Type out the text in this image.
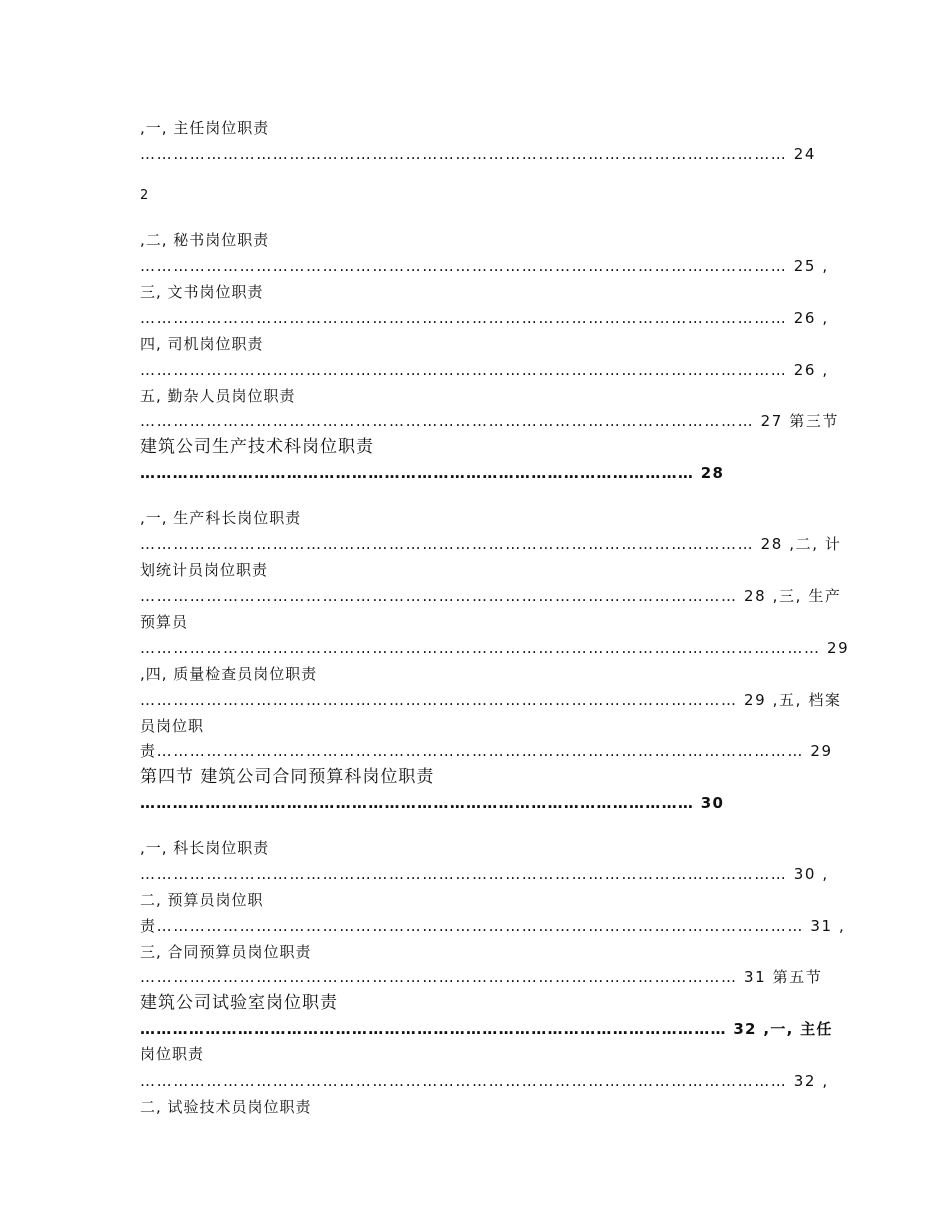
,一, 主任岗位职责
……………………………………………………………………………………………………… 24
2
,二, 秘书岗位职责
……………………………………………………………………………………………………… 25 ,
三, 文书岗位职责
……………………………………………………………………………………………………… 26 ,
四, 司机岗位职责
……………………………………………………………………………………………………… 26 ,
五, 勤杂人员岗位职责
………………………………………………………………………………………………… 27 第三节
建筑公司生产技术科岗位职责
………………………………………………………………………………………… 28
,一, 生产科长岗位职责
………………………………………………………………………………………………… 28 ,二, 计
划统计员岗位职责
……………………………………………………………………………………………… 28 ,三, 生产
预算员
…………………………………………………………………………………………………………… 29
,四, 质量检查员岗位职责
……………………………………………………………………………………………… 29 ,五, 档案
员岗位职
责……………………………………………………………………………………………………… 29
第四节 建筑公司合同预算科岗位职责
………………………………………………………………………………………… 30
,一, 科长岗位职责
……………………………………………………………………………………………………… 30 ,
二, 预算员岗位职
责……………………………………………………………………………………………………… 31 ,
三, 合同预算员岗位职责
……………………………………………………………………………………………… 31 第五节
建筑公司试验室岗位职责
……………………………………………………………………………………………… 32 ,一, 主任
岗位职责
……………………………………………………………………………………………………… 32 ,
二, 试验技术员岗位职责
